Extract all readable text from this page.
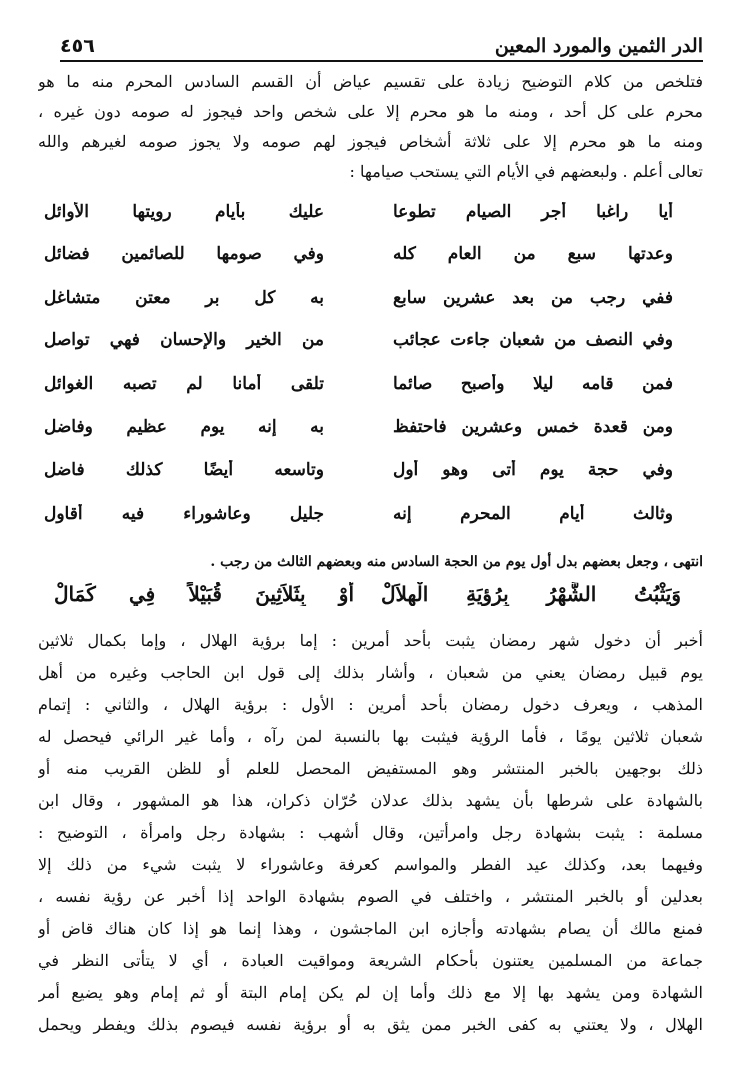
الدر الثمين والمورد المعين
٤٥٦
فتلخص من كلام التوضيح زيادة على تقسيم عياض أن القسم السادس المحرم منه ما هو
محرم على كل أحد ، ومنه ما هو محرم إلا على شخص واحد فيجوز له صومه دون غيره ،
ومنه ما هو محرم إلا على ثلاثة أشخاص فيجوز لهم صومه ولا يجوز صومه لغيرهم والله
تعالى أعلم . ولبعضهم في الأيام التي يستحب صيامها :
أيا راغبا أجر الصيام تطوعا
عليك بأيام رويتها الأوائل
وعدتها سبع من العام كله
وفي صومها للصائمين فضائل
ففي رجب من بعد عشرين سابع
به كل بر معتن متشاغل
وفي النصف من شعبان جاءت عجائب
من الخير والإحسان فهي تواصل
فمن قامه ليلا وأصبح صائما
تلقى أمانا لم تصبه الغوائل
ومن قعدة خمس وعشرين فاحتفظ
به إنه يوم عظيم وفاضل
وفي حجة يوم أتى وهو أول
وتاسعه أيضًا كذلك فاضل
وثالث أيام المحرم إنه
جليل وعاشوراء فيه أقاول
انتهى ، وجعل بعضهم بدل أول يوم من الحجة السادس منه وبعضهم الثالث من رجب .
وَيَثْبُتُ الشَّهْرُ بِرُؤيَةِ الْهِلاَلْ
أَوْ بِثَلاَثِينَ قُبَيْلاً فِي كَمَالْ
أخبر أن دخول شهر رمضان يثبت بأحد أمرين : إما برؤية الهلال ، وإما بكمال ثلاثين
يوم قبيل رمضان يعني من شعبان ، وأشار بذلك إلى قول ابن الحاجب وغيره من أهل
المذهب ، ويعرف دخول رمضان بأحد أمرين : الأول : برؤية الهلال ، والثاني : إتمام
شعبان ثلاثين يومًا ، فأما الرؤية فيثبت بها بالنسبة لمن رآه ، وأما غير الرائي فيحصل له
ذلك بوجهين بالخبر المنتشر وهو المستفيض المحصل للعلم أو للظن القريب منه أو
بالشهادة على شرطها بأن يشهد بذلك عدلان حُرّان ذكران، هذا هو المشهور ، وقال ابن
مسلمة : يثبت بشهادة رجل وامرأتين، وقال أشهب : بشهادة رجل وامرأة ، التوضيح :
وفيهما بعد، وكذلك عيد الفطر والمواسم كعرفة وعاشوراء لا يثبت شيء من ذلك إلا
بعدلين أو بالخبر المنتشر ، واختلف في الصوم بشهادة الواحد إذا أخبر عن رؤية نفسه ،
فمنع مالك أن يصام بشهادته وأجازه ابن الماجشون ، وهذا إنما هو إذا كان هناك قاض أو
جماعة من المسلمين يعتنون بأحكام الشريعة ومواقيت العبادة ، أي لا يتأتى النظر في
الشهادة ومن يشهد بها إلا مع ذلك وأما إن لم يكن إمام البتة أو ثم إمام وهو يضيع أمر
الهلال ، ولا يعتني به كفى الخبر ممن يثق به أو برؤية نفسه فيصوم بذلك ويفطر ويحمل
